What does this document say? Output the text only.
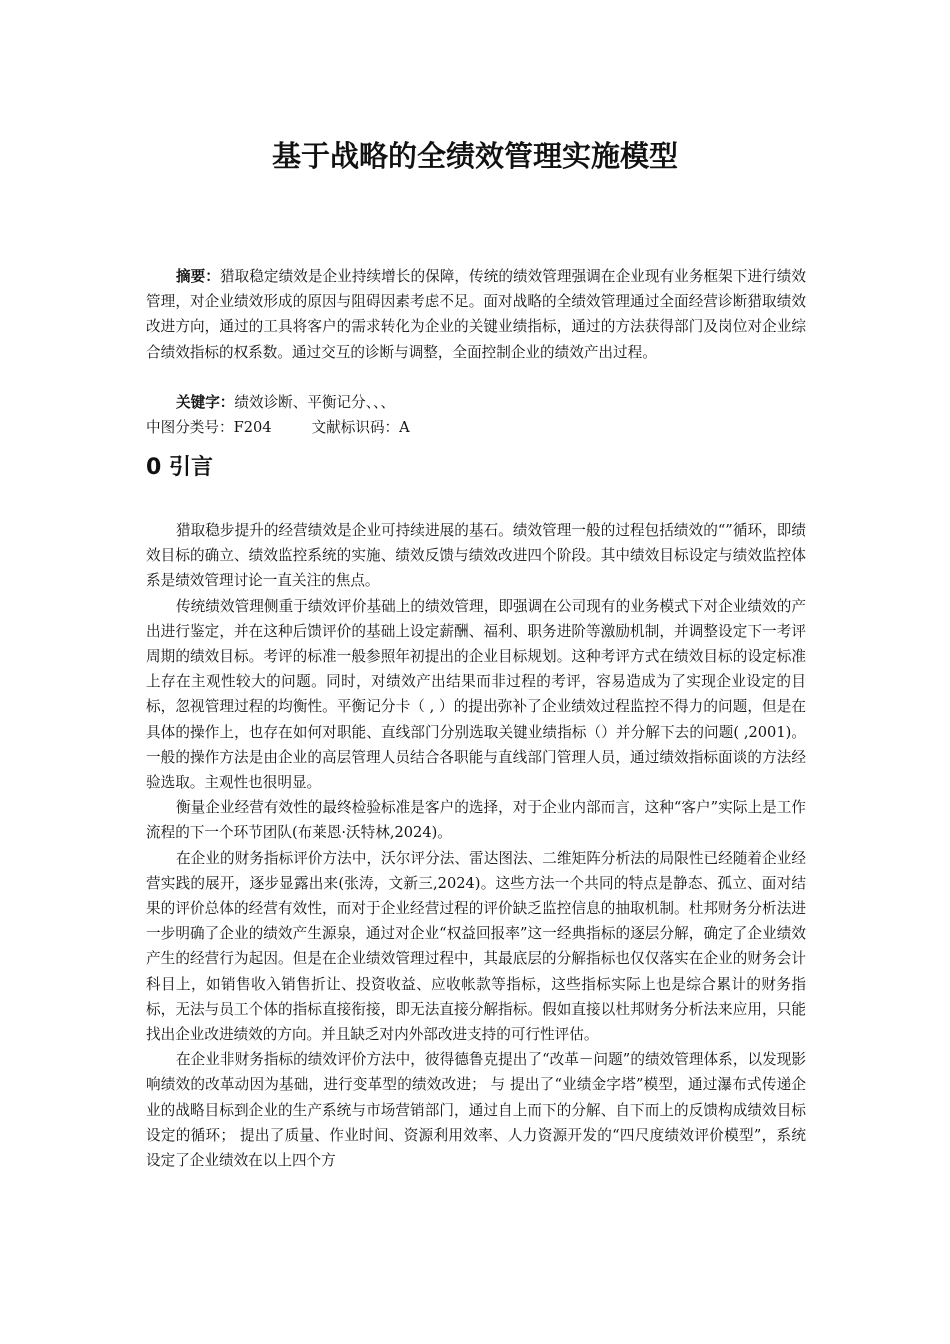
基于战略的全绩效管理实施模型
摘要：猎取稳定绩效是企业持续增长的保障，传统的绩效管理强调在企业现有业务框架下进行绩效管理，对企业绩效形成的原因与阻碍因素考虑不足。面对战略的全绩效管理通过全面经营诊断猎取绩效改进方向，通过的工具将客户的需求转化为企业的关键业绩指标，通过的方法获得部门及岗位对企业综合绩效指标的权系数。通过交互的诊断与调整，全面控制企业的绩效产出过程。
关键字：绩效诊断、平衡记分、、、
中图分类号：F204	文献标识码：A
0 引言

猎取稳步提升的经营绩效是企业可持续进展的基石。绩效管理一般的过程包括绩效的“”循环，即绩效目标的确立、绩效监控系统的实施、绩效反馈与绩效改进四个阶段。其中绩效目标设定与绩效监控体系是绩效管理讨论一直关注的焦点。

传统绩效管理侧重于绩效评价基础上的绩效管理，即强调在公司现有的业务模式下对企业绩效的产出进行鉴定，并在这种后馈评价的基础上设定薪酬、福利、职务进阶等激励机制，并调整设定下一考评周期的绩效目标。考评的标准一般参照年初提出的企业目标规划。这种考评方式在绩效目标的设定标准上存在主观性较大的问题。同时，对绩效产出结果而非过程的考评，容易造成为了实现企业设定的目标，忽视管理过程的均衡性。平衡记分卡（ , ）的提出弥补了企业绩效过程监控不得力的问题，但是在具体的操作上，也存在如何对职能、直线部门分别选取关键业绩指标（）并分解下去的问题( ,2001)。一般的操作方法是由企业的高层管理人员结合各职能与直线部门管理人员，通过绩效指标面谈的方法经验选取。主观性也很明显。

衡量企业经营有效性的最终检验标准是客户的选择，对于企业内部而言，这种“客户”实际上是工作流程的下一个环节团队(布莱恩·沃特林,2024)。

在企业的财务指标评价方法中，沃尔评分法、雷达图法、二维矩阵分析法的局限性已经随着企业经营实践的展开，逐步显露出来(张涛，文新三,2024)。这些方法一个共同的特点是静态、孤立、面对结果的评价总体的经营有效性，而对于企业经营过程的评价缺乏监控信息的抽取机制。杜邦财务分析法进一步明确了企业的绩效产生源泉，通过对企业“权益回报率”这一经典指标的逐层分解，确定了企业绩效产生的经营行为起因。但是在企业绩效管理过程中，其最底层的分解指标也仅仅落实在企业的财务会计科目上，如销售收入销售折让、投资收益、应收帐款等指标，这些指标实际上也是综合累计的财务指标，无法与员工个体的指标直接衔接，即无法直接分解指标。假如直接以杜邦财务分析法来应用，只能找出企业改进绩效的方向。并且缺乏对内外部改进支持的可行性评估。

在企业非财务指标的绩效评价方法中，彼得德鲁克提出了“改革－问题”的绩效管理体系，以发现影响绩效的改革动因为基础，进行变革型的绩效改进； 与 提出了“业绩金字塔”模型，通过瀑布式传递企业的战略目标到企业的生产系统与市场营销部门，通过自上而下的分解、自下而上的反馈构成绩效目标设定的循环； 提出了质量、作业时间、资源利用效率、人力资源开发的“四尺度绩效评价模型”，系统设定了企业绩效在以上四个方
